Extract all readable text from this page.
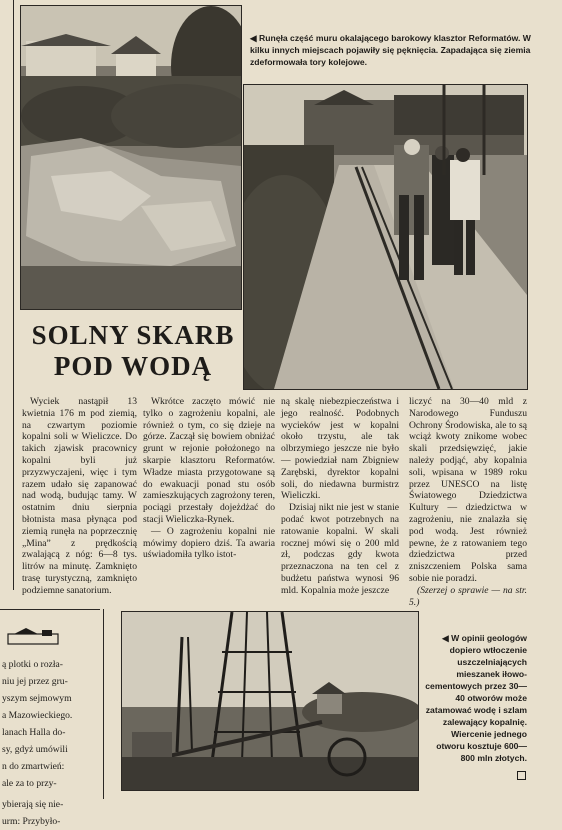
◀ Runęła część muru okalającego barokowy klasztor Reformatów. W kilku innych miejscach pojawiły się pęknięcia. Zapadająca się ziemia zdeformowała tory kolejowe.
SOLNY SKARB
POD WODĄ

Wyciek nastąpił 13 kwietnia 176 m pod ziemią, na czwartym poziomie kopalni soli w Wieliczce. Do takich zjawisk pracownicy kopalni byli już przyzwyczajeni, więc i tym razem udało się zapanować nad wodą, budując tamy. W ostatnim dniu sierpnia błotnista masa płynąca pod ziemią runęła na poprzecznię „Mina” z prędkością zwalającą z nóg: 6—8 tys. litrów na minutę. Zamknięto trasę turystyczną, zamknięto podziemne sanatorium.

Wkrótce zaczęto mówić nie tylko o zagrożeniu kopalni, ale również o tym, co się dzieje na górze. Zaczął się bowiem obniżać grunt w rejonie położonego na skarpie klasztoru Reformatów. Władze miasta przygotowane są do ewakuacji ponad stu osób zamieszkujących zagrożony teren, pociągi przestały dojeżdżać do stacji Wieliczka-Rynek.

— O zagrożeniu kopalni nie mówimy dopiero dziś. Ta awaria uświadomiła tylko istot-

ną skalę niebezpieczeństwa i jego realność. Podobnych wycieków jest w kopalni około trzystu, ale tak olbrzymiego jeszcze nie było — powiedział nam Zbigniew Zarębski, dyrektor kopalni soli, do niedawna burmistrz Wieliczki.

Dzisiaj nikt nie jest w stanie podać kwot potrzebnych na ratowanie kopalni. W skali rocznej mówi się o 200 mld zł, podczas gdy kwota przeznaczona na ten cel z budżetu państwa wynosi 96 mld. Kopalnia może jeszcze

liczyć na 30—40 mld z Narodowego Funduszu Ochrony Środowiska, ale to są wciąż kwoty znikome wobec skali przedsięwzięć, jakie należy podjąć, aby kopalnia soli, wpisana w 1989 roku przez UNESCO na listę Światowego Dziedzictwa Kultury — dziedzictwa w zagrożeniu, nie znalazła się pod wodą. Jest również pewne, że z ratowaniem tego dziedzictwa przed zniszczeniem Polska sama sobie nie poradzi.

(Szerzej o sprawie — na str. 5.)

ą plotki o rozła-
niu jej przez gru-
yszym sejmowym
a Mazowieckiego.
lanach Halla do-
sy, gdyż umówili
n do zmartwień:
ale za to przy-
ybierają się nie-
urm: Przybyło-
◀ W opinii geologów dopiero wtłoczenie uszczelniających mieszanek iłowo-cementowych przez 30—40 otworów może zatamować wodę i szlam zalewający kopalnię. Wiercenie jednego otworu kosztuje 600—800 mln złotych.
